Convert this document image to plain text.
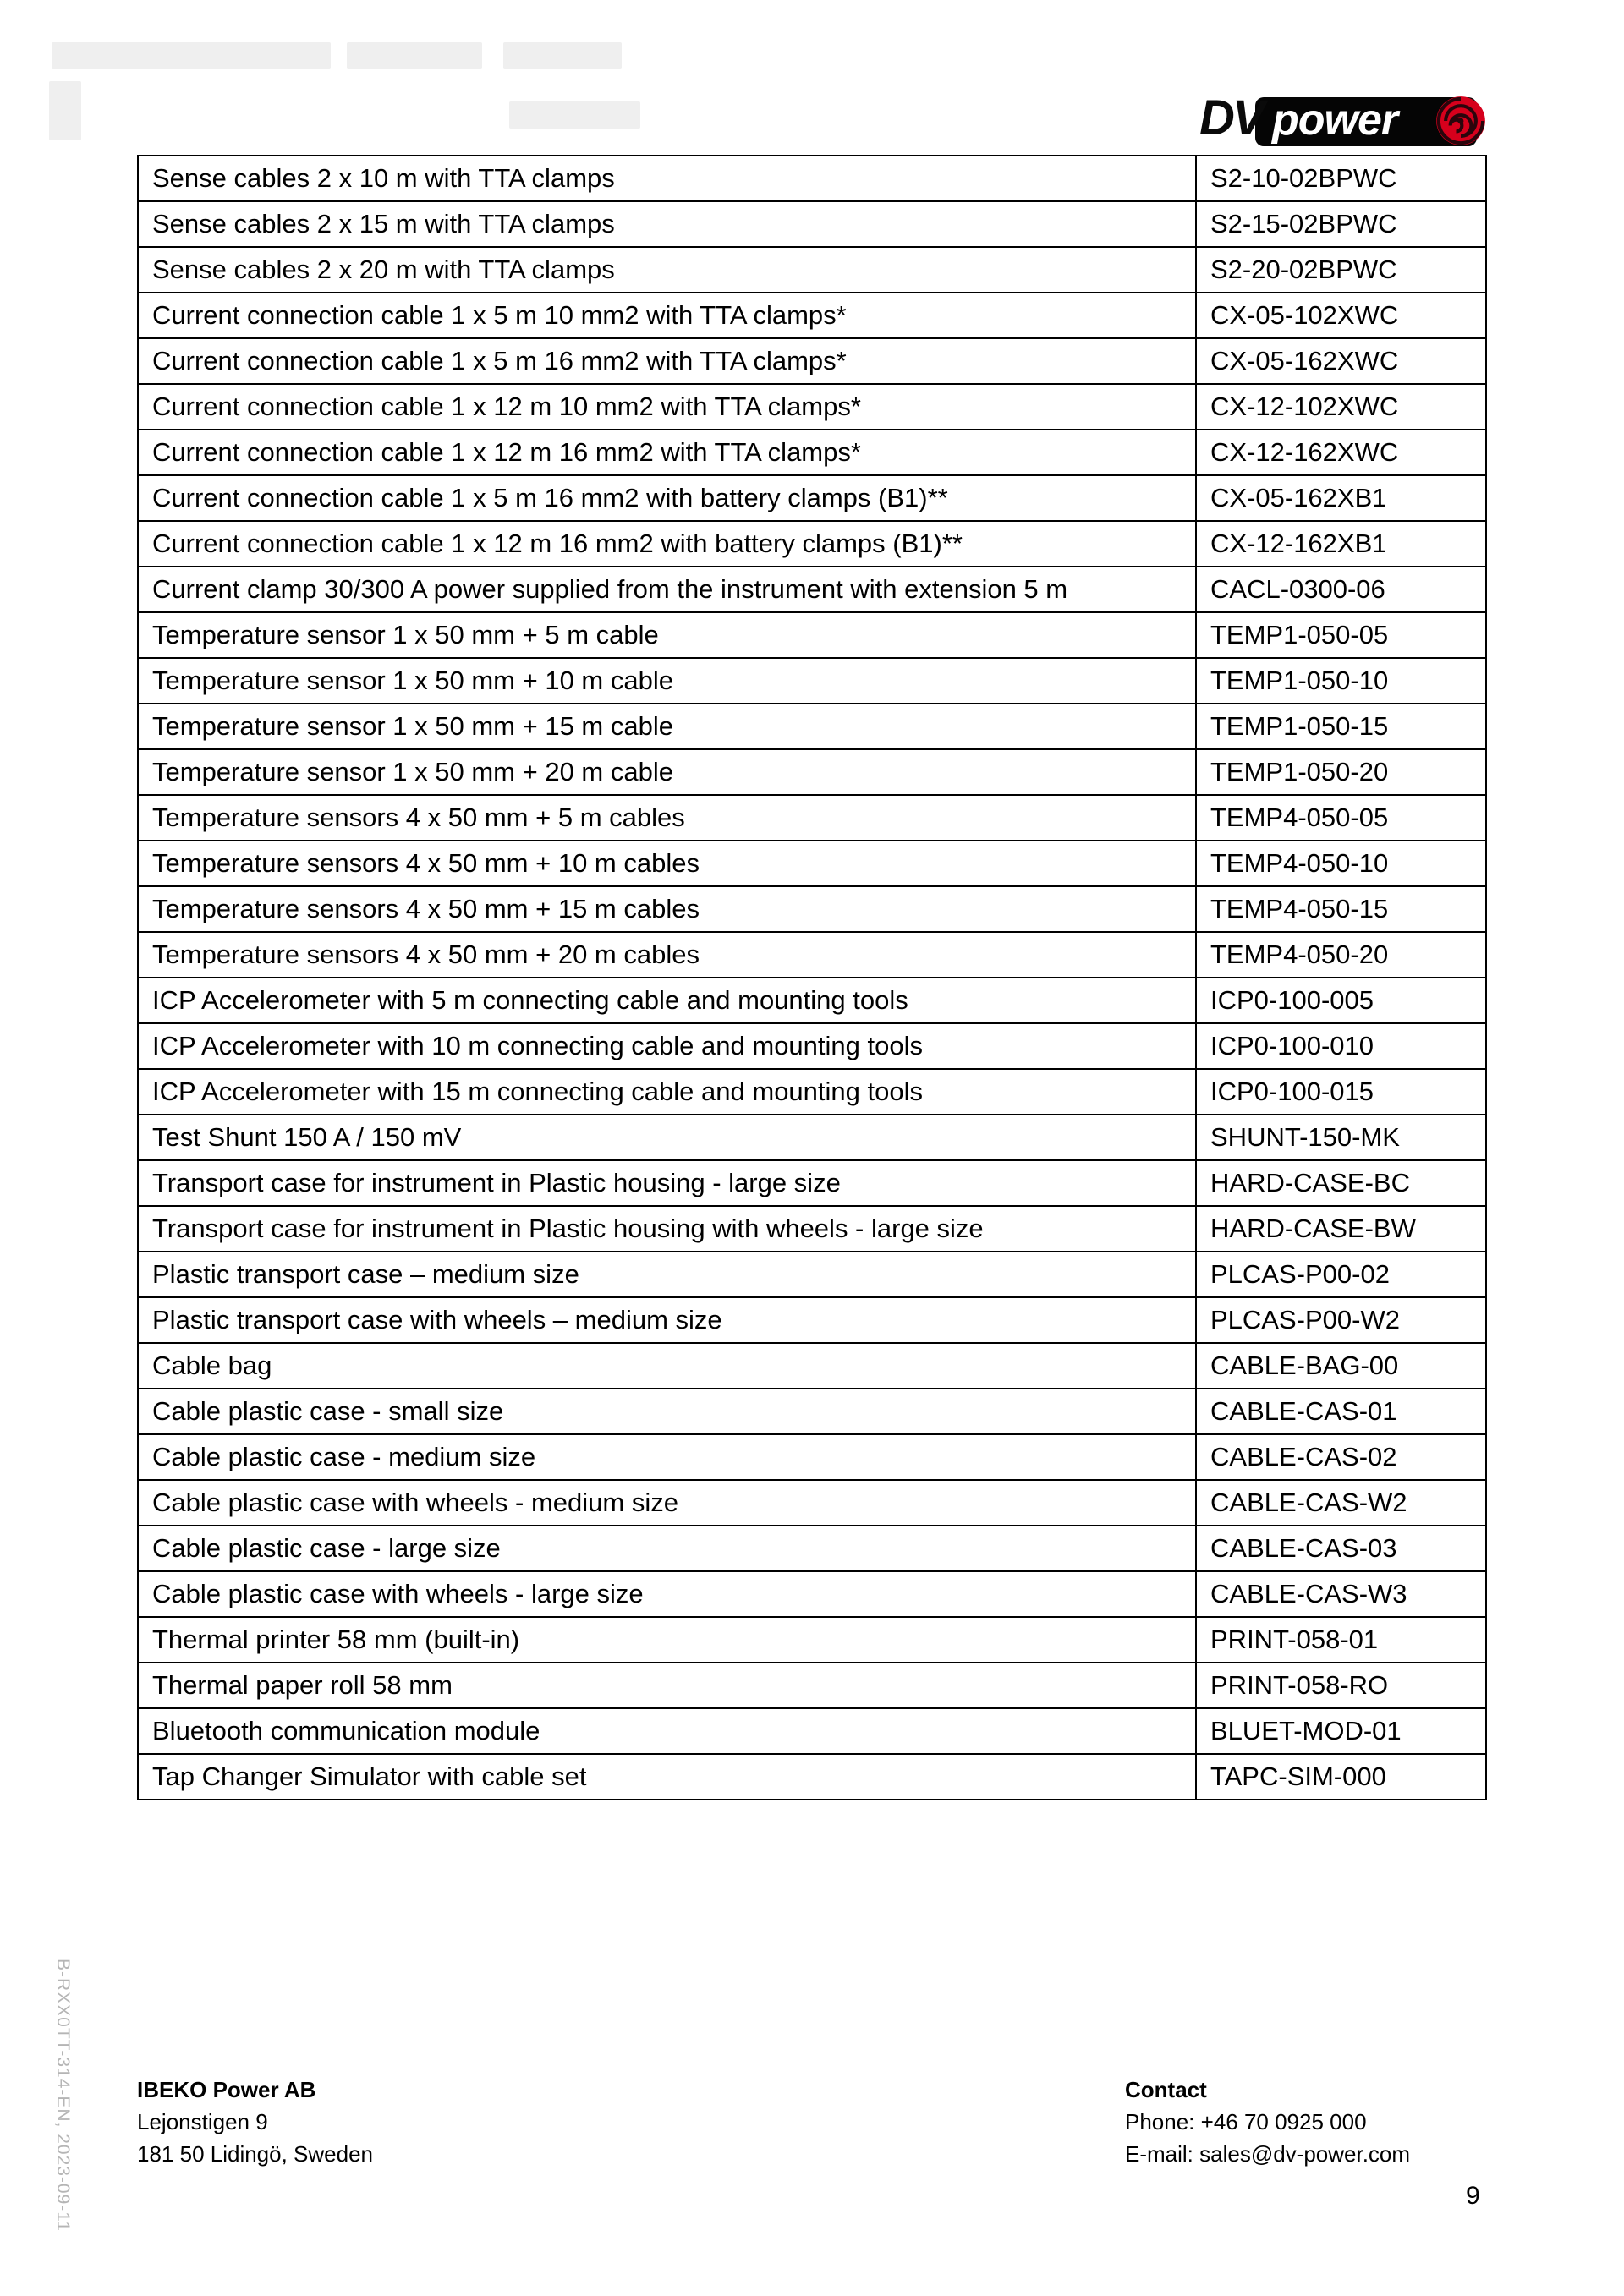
DV power
Sense cables 2 x 10 m with TTA clamps	S2-10-02BPWC
Sense cables 2 x 15 m with TTA clamps	S2-15-02BPWC
Sense cables 2 x 20 m with TTA clamps	S2-20-02BPWC
Current connection cable 1 x 5 m 10 mm2 with TTA clamps*	CX-05-102XWC
Current connection cable 1 x 5 m 16 mm2 with TTA clamps*	CX-05-162XWC
Current connection cable 1 x 12 m 10 mm2 with TTA clamps*	CX-12-102XWC
Current connection cable 1 x 12 m 16 mm2 with TTA clamps*	CX-12-162XWC
Current connection cable 1 x 5 m 16 mm2 with battery clamps (B1)**	CX-05-162XB1
Current connection cable 1 x 12 m 16 mm2 with battery clamps (B1)**	CX-12-162XB1
Current clamp 30/300 A power supplied from the instrument with extension 5 m	CACL-0300-06
Temperature sensor 1 x 50 mm + 5 m cable	TEMP1-050-05
Temperature sensor 1 x 50 mm + 10 m cable	TEMP1-050-10
Temperature sensor 1 x 50 mm + 15 m cable	TEMP1-050-15
Temperature sensor 1 x 50 mm + 20 m cable	TEMP1-050-20
Temperature sensors 4 x 50 mm + 5 m cables	TEMP4-050-05
Temperature sensors 4 x 50 mm + 10 m cables	TEMP4-050-10
Temperature sensors 4 x 50 mm + 15 m cables	TEMP4-050-15
Temperature sensors 4 x 50 mm + 20 m cables	TEMP4-050-20
ICP Accelerometer with 5 m connecting cable and mounting tools	ICP0-100-005
ICP Accelerometer with 10 m connecting cable and mounting tools	ICP0-100-010
ICP Accelerometer with 15 m connecting cable and mounting tools	ICP0-100-015
Test Shunt 150 A / 150 mV	SHUNT-150-MK
Transport case for instrument in Plastic housing - large size	HARD-CASE-BC
Transport case for instrument in Plastic housing with wheels - large size	HARD-CASE-BW
Plastic transport case – medium size	PLCAS-P00-02
Plastic transport case with wheels – medium size	PLCAS-P00-W2
Cable bag	CABLE-BAG-00
Cable plastic case - small size	CABLE-CAS-01
Cable plastic case - medium size	CABLE-CAS-02
Cable plastic case with wheels - medium size	CABLE-CAS-W2
Cable plastic case - large size	CABLE-CAS-03
Cable plastic case with wheels - large size	CABLE-CAS-W3
Thermal printer 58 mm (built-in)	PRINT-058-01
Thermal paper roll 58 mm	PRINT-058-RO
Bluetooth communication module	BLUET-MOD-01
Tap Changer Simulator with cable set	TAPC-SIM-000
IBEKO Power AB
Lejonstigen 9
181 50 Lidingö, Sweden
Contact
Phone: +46 70 0925 000
E-mail: sales@dv-power.com
9
B-RXX0TT-314-EN, 2023-09-11
